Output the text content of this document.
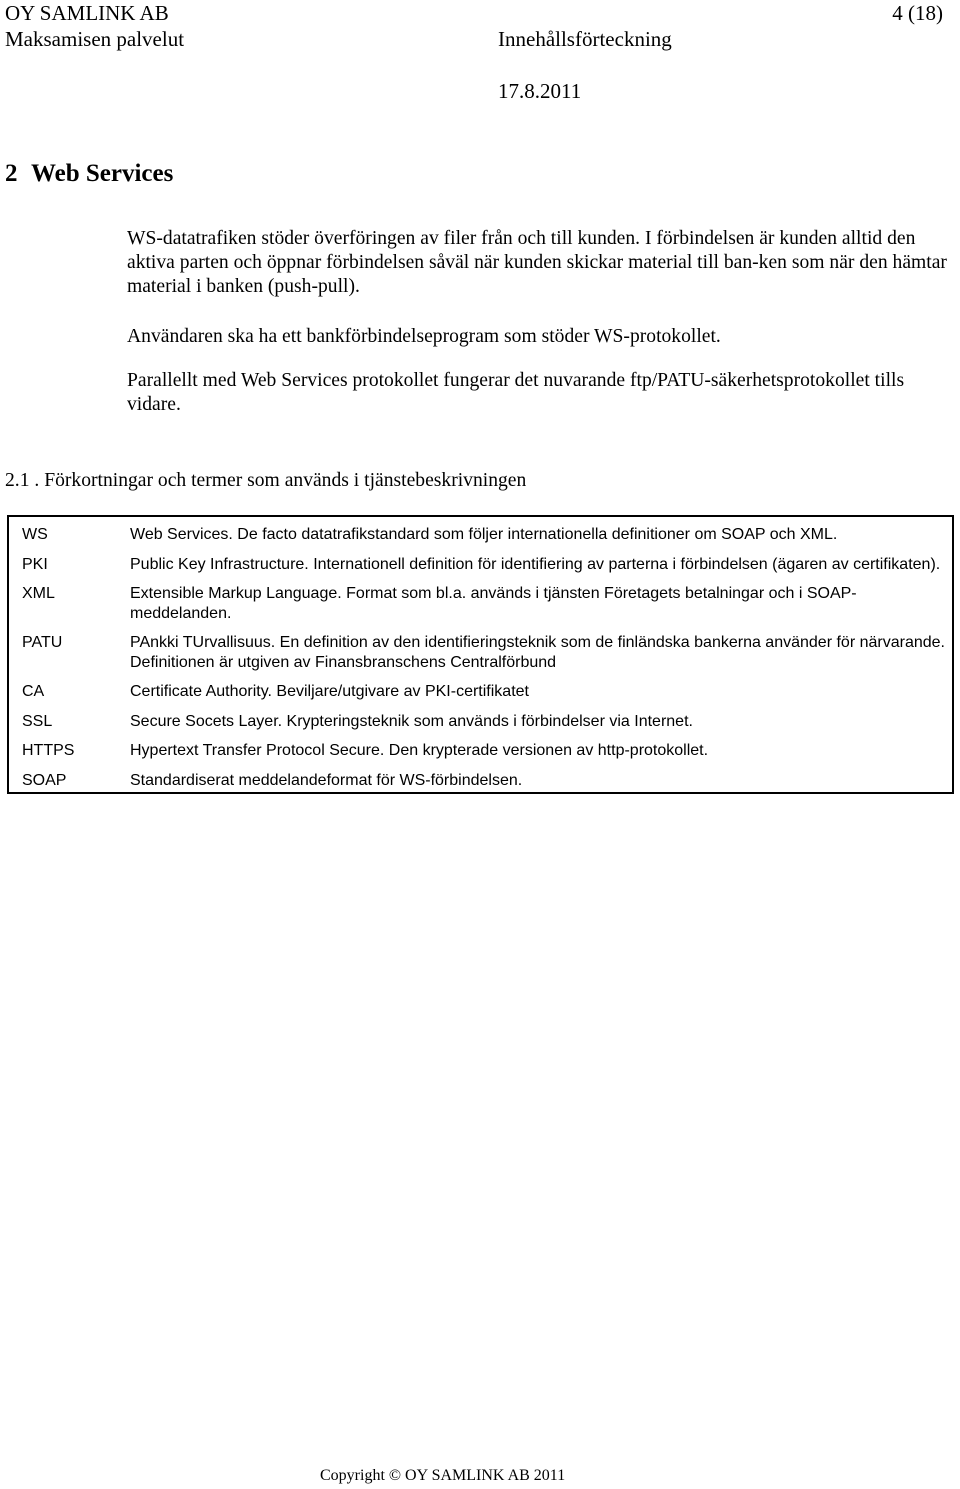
OY SAMLINK AB	4 (18)
Maksamisen palvelut	Innehållsförteckning
17.8.2011
2 Web Services
WS-datatrafiken stöder överföringen av filer från och till kunden. I förbindelsen är kunden alltid den aktiva parten och öppnar förbindelsen såväl när kunden skickar material till ban-ken som när den hämtar material i banken (push-pull).
Användaren ska ha ett bankförbindelseprogram som stöder WS-protokollet.
Parallellt med Web Services protokollet fungerar det nuvarande ftp/PATU-säkerhetsprotokollet tills vidare.
2.1 . Förkortningar och termer som används i tjänstebeskrivningen
WS	Web Services. De facto datatrafikstandard som följer internationella definitioner om SOAP och XML.
PKI	Public Key Infrastructure. Internationell definition för identifiering av parterna i förbindelsen (ägaren av certifikaten).
XML	Extensible Markup Language. Format som bl.a. används i tjänsten Företagets betalningar och i SOAP-meddelanden.
PATU	PAnkki TUrvallisuus. En definition av den identifieringsteknik som de finländska bankerna använder för närvarande. Definitionen är utgiven av Finansbranschens Centralförbund
CA	Certificate Authority. Beviljare/utgivare av PKI-certifikatet
SSL	Secure Socets Layer. Krypteringsteknik som används i förbindelser via Internet.
HTTPS	Hypertext Transfer Protocol Secure. Den krypterade versionen av http-protokollet.
SOAP	Standardiserat meddelandeformat för WS-förbindelsen.
Copyright © OY SAMLINK AB 2011
